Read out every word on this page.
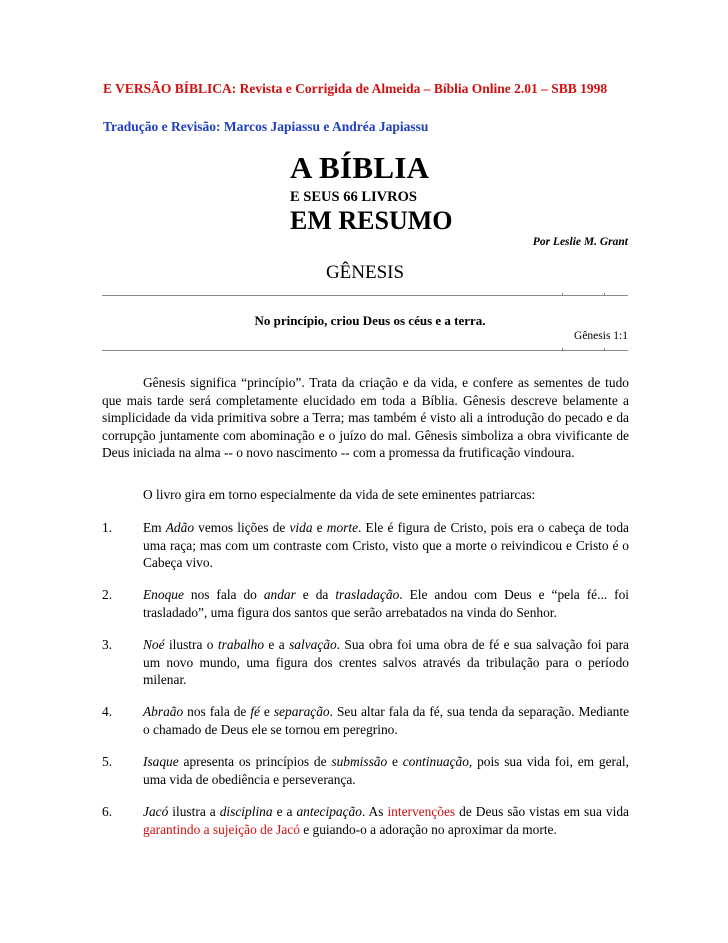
E VERSÃO BÍBLICA: Revista e Corrigida de Almeida – Bíblia Online 2.01 – SBB 1998
Tradução e Revisão: Marcos Japiassu e Andréa Japiassu
A BÍBLIA
E SEUS 66 LIVROS
EM RESUMO
Por Leslie M. Grant
GÊNESIS
No princípio, criou Deus os céus e a terra.
Gênesis 1:1
Gênesis significa “princípio”. Trata da criação e da vida, e confere as sementes de tudo que mais tarde será completamente elucidado em toda a Bíblia. Gênesis descreve belamente a simplicidade da vida primitiva sobre a Terra; mas também é visto ali a introdução do pecado e da corrupção juntamente com abominação e o juízo do mal. Gênesis simboliza a obra vivificante de Deus iniciada na alma -- o novo nascimento -- com a promessa da frutificação vindoura.
O livro gira em torno especialmente da vida de sete eminentes patriarcas:
1. Em Adão vemos lições de vida e morte. Ele é figura de Cristo, pois era o cabeça de toda uma raça; mas com um contraste com Cristo, visto que a morte o reivindicou e Cristo é o Cabeça vivo.
2. Enoque nos fala do andar e da trasladação. Ele andou com Deus e “pela fé... foi trasladado”, uma figura dos santos que serão arrebatados na vinda do Senhor.
3. Noé ilustra o trabalho e a salvação. Sua obra foi uma obra de fé e sua salvação foi para um novo mundo, uma figura dos crentes salvos através da tribulação para o período milenar.
4. Abraão nos fala de fé e separação. Seu altar fala da fé, sua tenda da separação. Mediante o chamado de Deus ele se tornou em peregrino.
5. Isaque apresenta os princípios de submissão e continuação, pois sua vida foi, em geral, uma vida de obediência e perseverança.
6. Jacó ilustra a disciplina e a antecipação. As intervenções de Deus são vistas em sua vida garantindo a sujeição de Jacó e guiando-o a adoração no aproximar da morte.
